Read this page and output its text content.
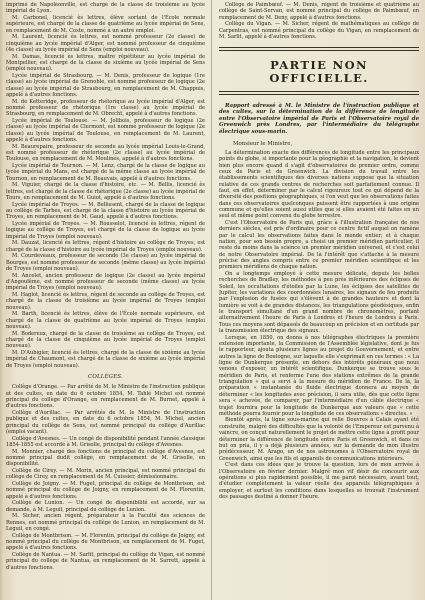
imprimé de Napoléonville, est chargé de la classe de troisième au lycée impérial de Lyon.

M. Carbonel, licencié ès lettres, élève sortant de l'École normale supérieure, est chargé de la classe de quatrième au lycée impérial de Sens, en remplacement de M. Coste, nommé à un autre emploi.

M. Laurent, licencié ès lettres, est nommé professeur (2e classe) de cinquième au lycée impérial d'Alger, est nommé professeur de cinquième (4e classe) au lycée impérial de Sens (emploi nouveau).

M. Damas, licencié ès lettres, maître répétiteur au lycée impérial de Montpellier, est chargé de la classe de sixième au lycée impérial de Sens (emploi nouveau).

Lycée impérial de Strasbourg. — M. Denis, professeur de logique (1re classe) au lycée impérial de Grenoble, est nommé professeur de logique (2e classe) au lycée impérial de Strasbourg, en remplacement de M. Chappuis, appelé à d'autres fonctions.

M. de Ketteridge, professeur de rhétorique au lycée impérial d'Alger, est nommé professeur de rhétorique (1re classe) au lycée impérial de Strasbourg, en remplacement de M. Obrecht, appelé à d'autres fonctions.

Lycée impérial de Toulouse. — M. Jolibois, professeur de logique (2e classe) au lycée impérial de Clermont, est nommé professeur de logique (2e classe) au lycée impérial de Toulouse, en remplacement de M. Laurent, appelé à d'autres fonctions.

M. Beaurepaire, professeur de seconde au lycée impérial Louis-le-Grand, est nommé professeur de rhétorique (2e classe) au lycée impérial de Toulouse, en remplacement de M. Moulines, appelé à d'autres fonctions.

Lycée impérial de Tournon. — M. Lenz, chargé de la classe de logique au lycée impérial du Mans, est chargé de la même classe au lycée impérial de Tournon, en remplacement de M. Beauvais, appelé à d'autres fonctions.

M. Viguier, chargé de la classe d'histoire, etc. — M. Bellis, licencié ès lettres, est chargé de la classe de rhétorique (2e classe) au lycée impérial de Tours, en remplacement de M. Guiot, appelé à d'autres fonctions.

Lycée impérial de Troyes. — M. Bellissent, chargé de la classe de logique au collège de Tarbes, est chargé de la classe d'histoire au lycée impérial de Troyes, en remplacement de M. Gaud, appelé à d'autres fonctions.

Lycée impérial de Troyes. — M. Rousselot, licencié ès lettres, régent de logique au collège de Troyes, est chargé de la classe de logique au lycée impérial de Troyes (emploi nouveau).

M. Dauzat, licencié ès lettres, régent d'histoire au collège de Troyes, est chargé de la classe d'histoire au lycée impérial de Troyes (emploi nouveau).

M. Courdeveaux, professeur de seconde (3e classe) au lycée impérial de Bourges, est nommé professeur de seconde (même classe) au lycée impérial de Troyes (emploi nouveau).

M. Ancelet, ancien professeur de logique (2e classe) au lycée impérial d'Angoulême, est nommé professeur de seconde (même classe) au lycée impérial de Troyes (emploi nouveau).

M. Haglot, licencié ès lettres, régent de seconde au collège de Troyes, est chargé de la classe de troisième au lycée impérial de Troyes (emploi nouveau).

M. Barth, licencié ès lettres, élève de l'École normale supérieure, est chargé de la classe de quatrième au lycée impérial de Troyes (emploi nouveau).

M. Bodereux, chargé de la classe de troisième au collège de Troyes, est chargé de la classe de cinquième au lycée impérial de Troyes (emploi nouveau).

M. D'Aubigier, licencié ès lettres, chargé de la classe de sixième au lycée impérial de Chaumont, est chargé de la classe de sixième au lycée impérial de Troyes (emploi nouveau).

COLLÈGES.

Collège d'Orange. — Par arrêté de M. le Ministre de l'instruction publique et des cultes, en date du 6 octobre 1854, M. Tahlé Michel est nommé principal du collège d'Orange, en remplacement de M. Burnet, appelé à d'autres fonctions.

Collège d'Aurillac. — Par arrêtés de M. le Ministre de l'instruction publique et des cultes, en date du 6 octobre 1854, M. Michel, ancien principal du collège de Sens, est nommé principal du collège d'Aurillac (emploi vacant).

Collège d'Avesnes. — Un congé de disponibilité pendant l'année classique 1854-1855 est accordé à M. Grisolle, principal du collège d'Avesnes.

M. Monnier, chargé des fonctions de principal du collège d'Avesnes, est nommé principal dudit collège, en remplacement de M. Grisolle, en disponibilité.

Collège de Cirey. — M. Morin, ancien principal, est nommé principal du collège de Cirey, en remplacement de M. Cuissier, démissionnaire.

Collège de Joigny. — M. Fuget, principal du collège de Montbrison, est nommé principal du collège de Joigny, en remplacement de M. Florentin, appelé à d'autres fonctions.

Collège de Lunion. — Un congé de disponibilité est accordé, sur sa demande, à M. Leguil, principal du collège de Lunion.

M. Sicher, ancien régent, préparateur à la Faculté des sciences de Rennes, est nommé principal du collège de Lunion, en remplacement de M. Leguil, en congé.

Collège de Montbrison. — M. Florentin, principal du collège de Joigny, est nommé principal du collège de Montbrison, en remplacement de M. Fuget, appelé à d'autres fonctions.

Collège de Nantua. — M. Sarlit, principal du collège du Vigan, est nommé principal du collège de Nantua, en remplacement de M. Sarrett, appelé à d'autres fonctions.

Collège de Paimbœuf. — M. Denis, régent de troisième et quatrième au collège de Saint-Servan, est nommé principal du collège de Paimbœuf, en remplacement de M. Deny, appelé à d'autres fonctions.

Collège du Vigan. — M. Sicher, régent de mathématiques au collège de Carpentras, est nommé principal du collège du Vigan, en remplacement de M. Sarlit, appelé à d'autres fonctions.

PARTIE NON OFFICIELLE.

Rapport adressé à M. le Ministre de l'instruction publique et des cultes, sur la détermination de la différence de longitude entre l'Observatoire impérial de Paris et l'Observatoire royal de Greenwich près Londres, par l'intermédiaire du télégraphe électrique sous-marin.

Monsieur le Ministre,

La détermination exacte des différences de longitude entre les principaux points du globe, si importante pour la géographie et la navigation, le devient bien plus encore quand il s'agit d'observatoires de premier ordre, comme ceux de Paris et de Greenwich. La division du travail entre les établissements scientifiques des diverses nations suppose que la situation relative de ces grands centres de recherches soit parfaitement connue. Il faut, en effet, déterminer par le calcul rigoureux tout ce qui dépend de la diversité des positions géographiques, si l'on veut que les observations faites dans ces observatoires quelconques puissent être rapportées à une origine commune et qu'elles soient aussi utiles que si elles avaient été faites en un seul et même point convenu du globe terrestre.

C'est l'Observatoire de Paris qui, grâce à l'illustration française de nos derniers siècles, est pris d'ordinaire pour ce centre fictif auquel on ramène par le calcul les observations faites dans le monde entier; et à chaque nation, pour son besoin propre, a choisi un premier méridien particulier, il reste du moins dans la science un premier méridien universel, et c'est celui de notre Observatoire impérial. De là l'intérêt que s'attache à la mesure précise des angles compris entre ce premier méridien scientifique et les premiers méridiens de chaque nation.

On a longtemps employé à cette mesure délicate, depuis les belles recherches de Bradley, les méthodes à peu près inférieures des éclipses de Soleil, les occultations d'étoiles par la Lune, les éclipses des satellites de Jupiter, les variations des coordonnées lunaires, les signaux de feu produits par l'explosion de fusées qui s'élèvent à de grandes hauteurs et dont la lumière se voit à de grandes distances, les triangulations géodésiques, enfin le transport simultané d'un grand nombre de chronomètres, portant alternativement l'heure de Paris à Londres et l'heure de Londres à Paris. Tous ces moyens sont dépassés de beaucoup en précision et en certitude par la transmission électrique des signaux.

Lorsque, en 1850, on donna à nos télégraphes électriques la première extension importante, la Commission de l'Assemblée législative, dont je fus le rapporteur, ajouta plusieurs lignes au projet du Gouvernement, et entre autres la ligne de Boulogne, sur laquelle elle s'exprimait en ces termes : « La ligne de Dunkerque présente, en dehors des intérêts généraux que nous venons d'exposer, un intérêt scientifique. Dunkerque se trouve sous le méridien de Paris, et renferme l'une des stations extrêmes de la grande triangulation « qui a servi à la mesure du méridien de France. De là, la préparation « instantanée du fluide électrique donnera au moyen de déterminer « les longitudes avec précision, il sera utile, dès que cette ligne sera « achevée, de comparer, par l'intermédiaire d'un câble électrique « trajet fournira pour la longitude de Dunkerque aux valeurs que « cette méthode pourra fournir pour la longitude de ces observations « directes. »

Bientôt après, la ligne sous-marine qui relie Douvres à Calais ayant été construite, malgré des difficultés que la volonté de l'Empereur est parvenu à vaincre, on conçut naturellement le projet de mettre cette ligne à profit pour déterminer la différence de longitude entre Paris et Greenwich, et dans ce but on pria, il y a déjà plusieurs années, sur la demande de mon illustre prédécesseur, M. Arago, un de nos astronomes à l'Observatoire royal de Greenwich, ainsi que les fils et appareils de communications intérieurs.

C'est dans ces idées que je trouve la question, lors de mon arrivée à l'Observatoire en février dernier. Malgré mon vif désir de concourir aux opérations si plus rapidement possible, il me parut nécessaire, avant tout, d'étudier complètement la valeur réelle des appareils télégraphiques à employer, et surtout les conditions dans lesquelles se trouvait l'instrument des passages destiné à donner l'heure.
